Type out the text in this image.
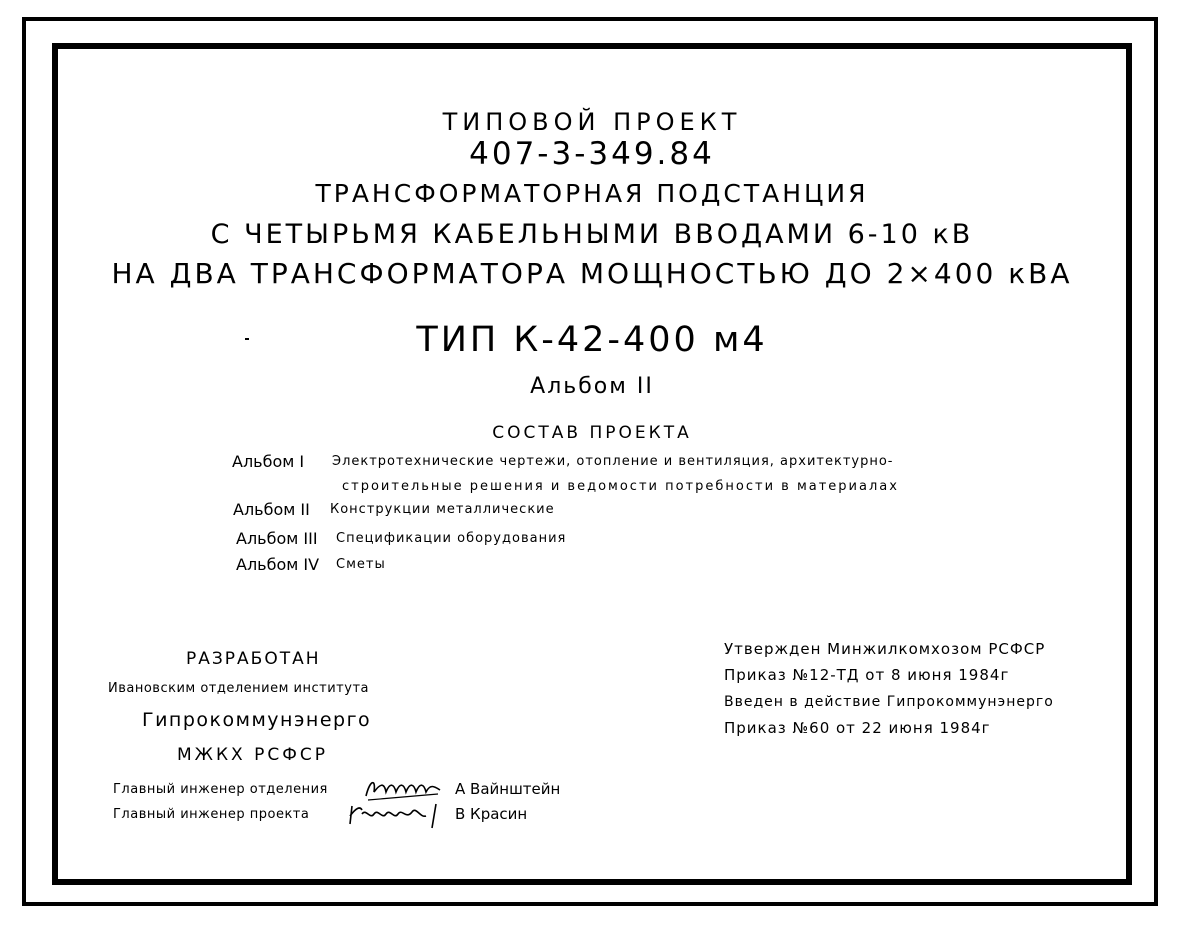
ТИПОВОЙ ПРОЕКТ
407-3-349.84
ТРАНСФОРМАТОРНАЯ ПОДСТАНЦИЯ
С ЧЕТЫРЬМЯ КАБЕЛЬНЫМИ ВВОДАМИ 6-10 кВ
НА ДВА ТРАНСФОРМАТОРА МОЩНОСТЬЮ ДО 2×400 кВА
ТИП К-42-400 м4
Альбом II
СОСТАВ ПРОЕКТА
Альбом I Электротехнические чертежи, отопление и вентиляция, архитектурно-
строительные решения и ведомости потребности в материалах
Альбом II Конструкции металлические
Альбом III Спецификации оборудования
Альбом IV Сметы
РАЗРАБОТАН
Ивановским отделением института
Гипрокоммунэнерго
МЖКХ РСФСР
Главный инженер отделения	А Вайнштейн
Главный инженер проекта	В Красин
Утвержден Минжилкомхозом РСФСР
Приказ №12-ТД от 8 июня 1984г
Введен в действие Гипрокоммунэнерго
Приказ №60 от 22 июня 1984г
